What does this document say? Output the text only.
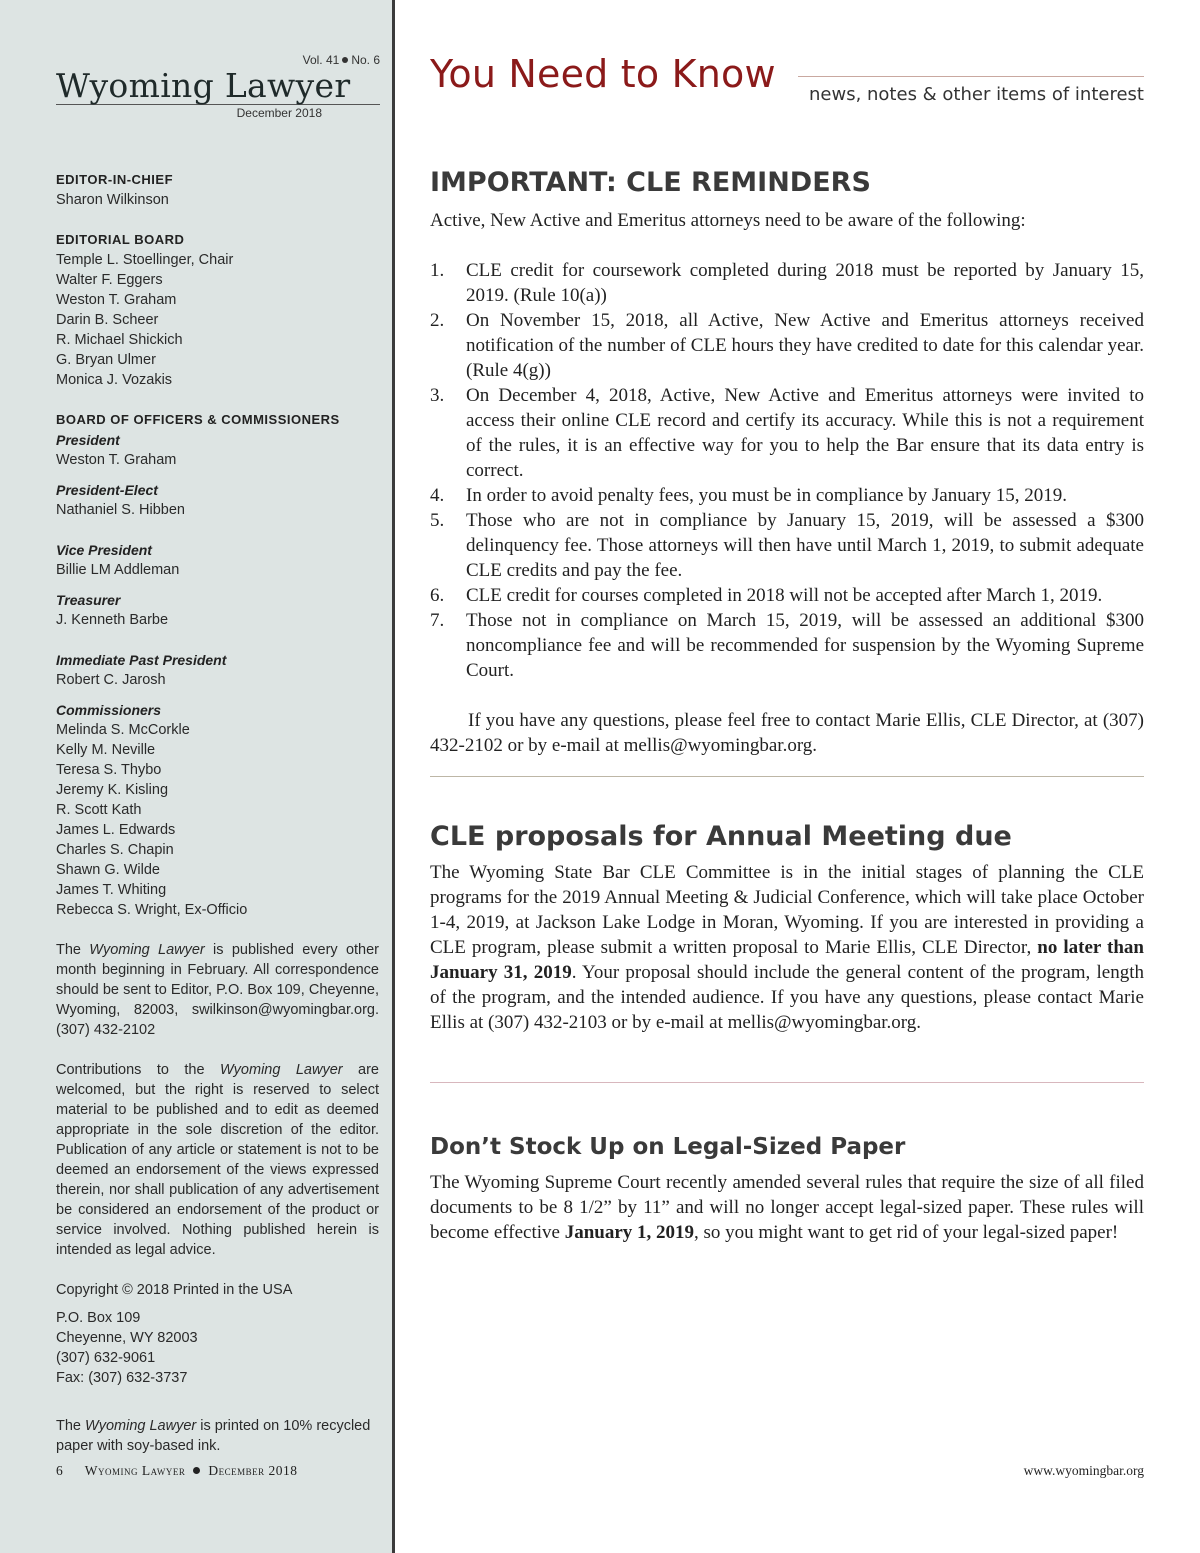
Vol. 41 No. 6
Wyoming Lawyer
December 2018
EDITOR-IN-CHIEF
Sharon Wilkinson
EDITORIAL BOARD
Temple L. Stoellinger, Chair
Walter F. Eggers
Weston T. Graham
Darin B. Scheer
R. Michael Shickich
G. Bryan Ulmer
Monica J. Vozakis
BOARD OF OFFICERS & COMMISSIONERS
President
Weston T. Graham
President-Elect
Nathaniel S. Hibben
Vice President
Billie LM Addleman
Treasurer
J. Kenneth Barbe
Immediate Past President
Robert C. Jarosh
Commissioners
Melinda S. McCorkle
Kelly M. Neville
Teresa S. Thybo
Jeremy K. Kisling
R. Scott Kath
James L. Edwards
Charles S. Chapin
Shawn G. Wilde
James T. Whiting
Rebecca S. Wright, Ex-Officio
The Wyoming Lawyer is published every other month beginning in February. All correspondence should be sent to Editor, P.O. Box 109, Cheyenne, Wyoming, 82003, swilkinson@wyomingbar.org. (307) 432-2102
Contributions to the Wyoming Lawyer are welcomed, but the right is reserved to select material to be published and to edit as deemed appropriate in the sole discretion of the editor. Publication of any article or statement is not to be deemed an endorsement of the views expressed therein, nor shall publication of any advertisement be considered an endorsement of the product or service involved. Nothing published herein is intended as legal advice.
Copyright © 2018 Printed in the USA
P.O. Box 109
Cheyenne, WY 82003
(307) 632-9061
Fax: (307) 632-3737
The Wyoming Lawyer is printed on 10% recycled paper with soy-based ink.
6 Wyoming Lawyer December 2018
You Need to Know news, notes & other items of interest
IMPORTANT: CLE REMINDERS
Active, New Active and Emeritus attorneys need to be aware of the following:
1. CLE credit for coursework completed during 2018 must be reported by January 15, 2019. (Rule 10(a))
2. On November 15, 2018, all Active, New Active and Emeritus attorneys received notification of the number of CLE hours they have credited to date for this calendar year. (Rule 4(g))
3. On December 4, 2018, Active, New Active and Emeritus attorneys were invited to access their online CLE record and certify its accuracy. While this is not a requirement of the rules, it is an effective way for you to help the Bar ensure that its data entry is correct.
4. In order to avoid penalty fees, you must be in compliance by January 15, 2019.
5. Those who are not in compliance by January 15, 2019, will be assessed a $300 delinquency fee. Those attorneys will then have until March 1, 2019, to submit adequate CLE credits and pay the fee.
6. CLE credit for courses completed in 2018 will not be accepted after March 1, 2019.
7. Those not in compliance on March 15, 2019, will be assessed an additional $300 noncompliance fee and will be recommended for suspension by the Wyoming Supreme Court.
If you have any questions, please feel free to contact Marie Ellis, CLE Director, at (307) 432-2102 or by e-mail at mellis@wyomingbar.org.
CLE proposals for Annual Meeting due
The Wyoming State Bar CLE Committee is in the initial stages of planning the CLE programs for the 2019 Annual Meeting & Judicial Conference, which will take place October 1-4, 2019, at Jackson Lake Lodge in Moran, Wyoming. If you are interested in providing a CLE program, please submit a written proposal to Marie Ellis, CLE Director, no later than January 31, 2019. Your proposal should include the general content of the program, length of the program, and the intended audience. If you have any questions, please contact Marie Ellis at (307) 432-2103 or by e-mail at mellis@wyomingbar.org.
Don’t Stock Up on Legal-Sized Paper
The Wyoming Supreme Court recently amended several rules that require the size of all filed documents to be 8 1/2” by 11” and will no longer accept legal-sized paper. These rules will become effective January 1, 2019, so you might want to get rid of your legal-sized paper!
www.wyomingbar.org
